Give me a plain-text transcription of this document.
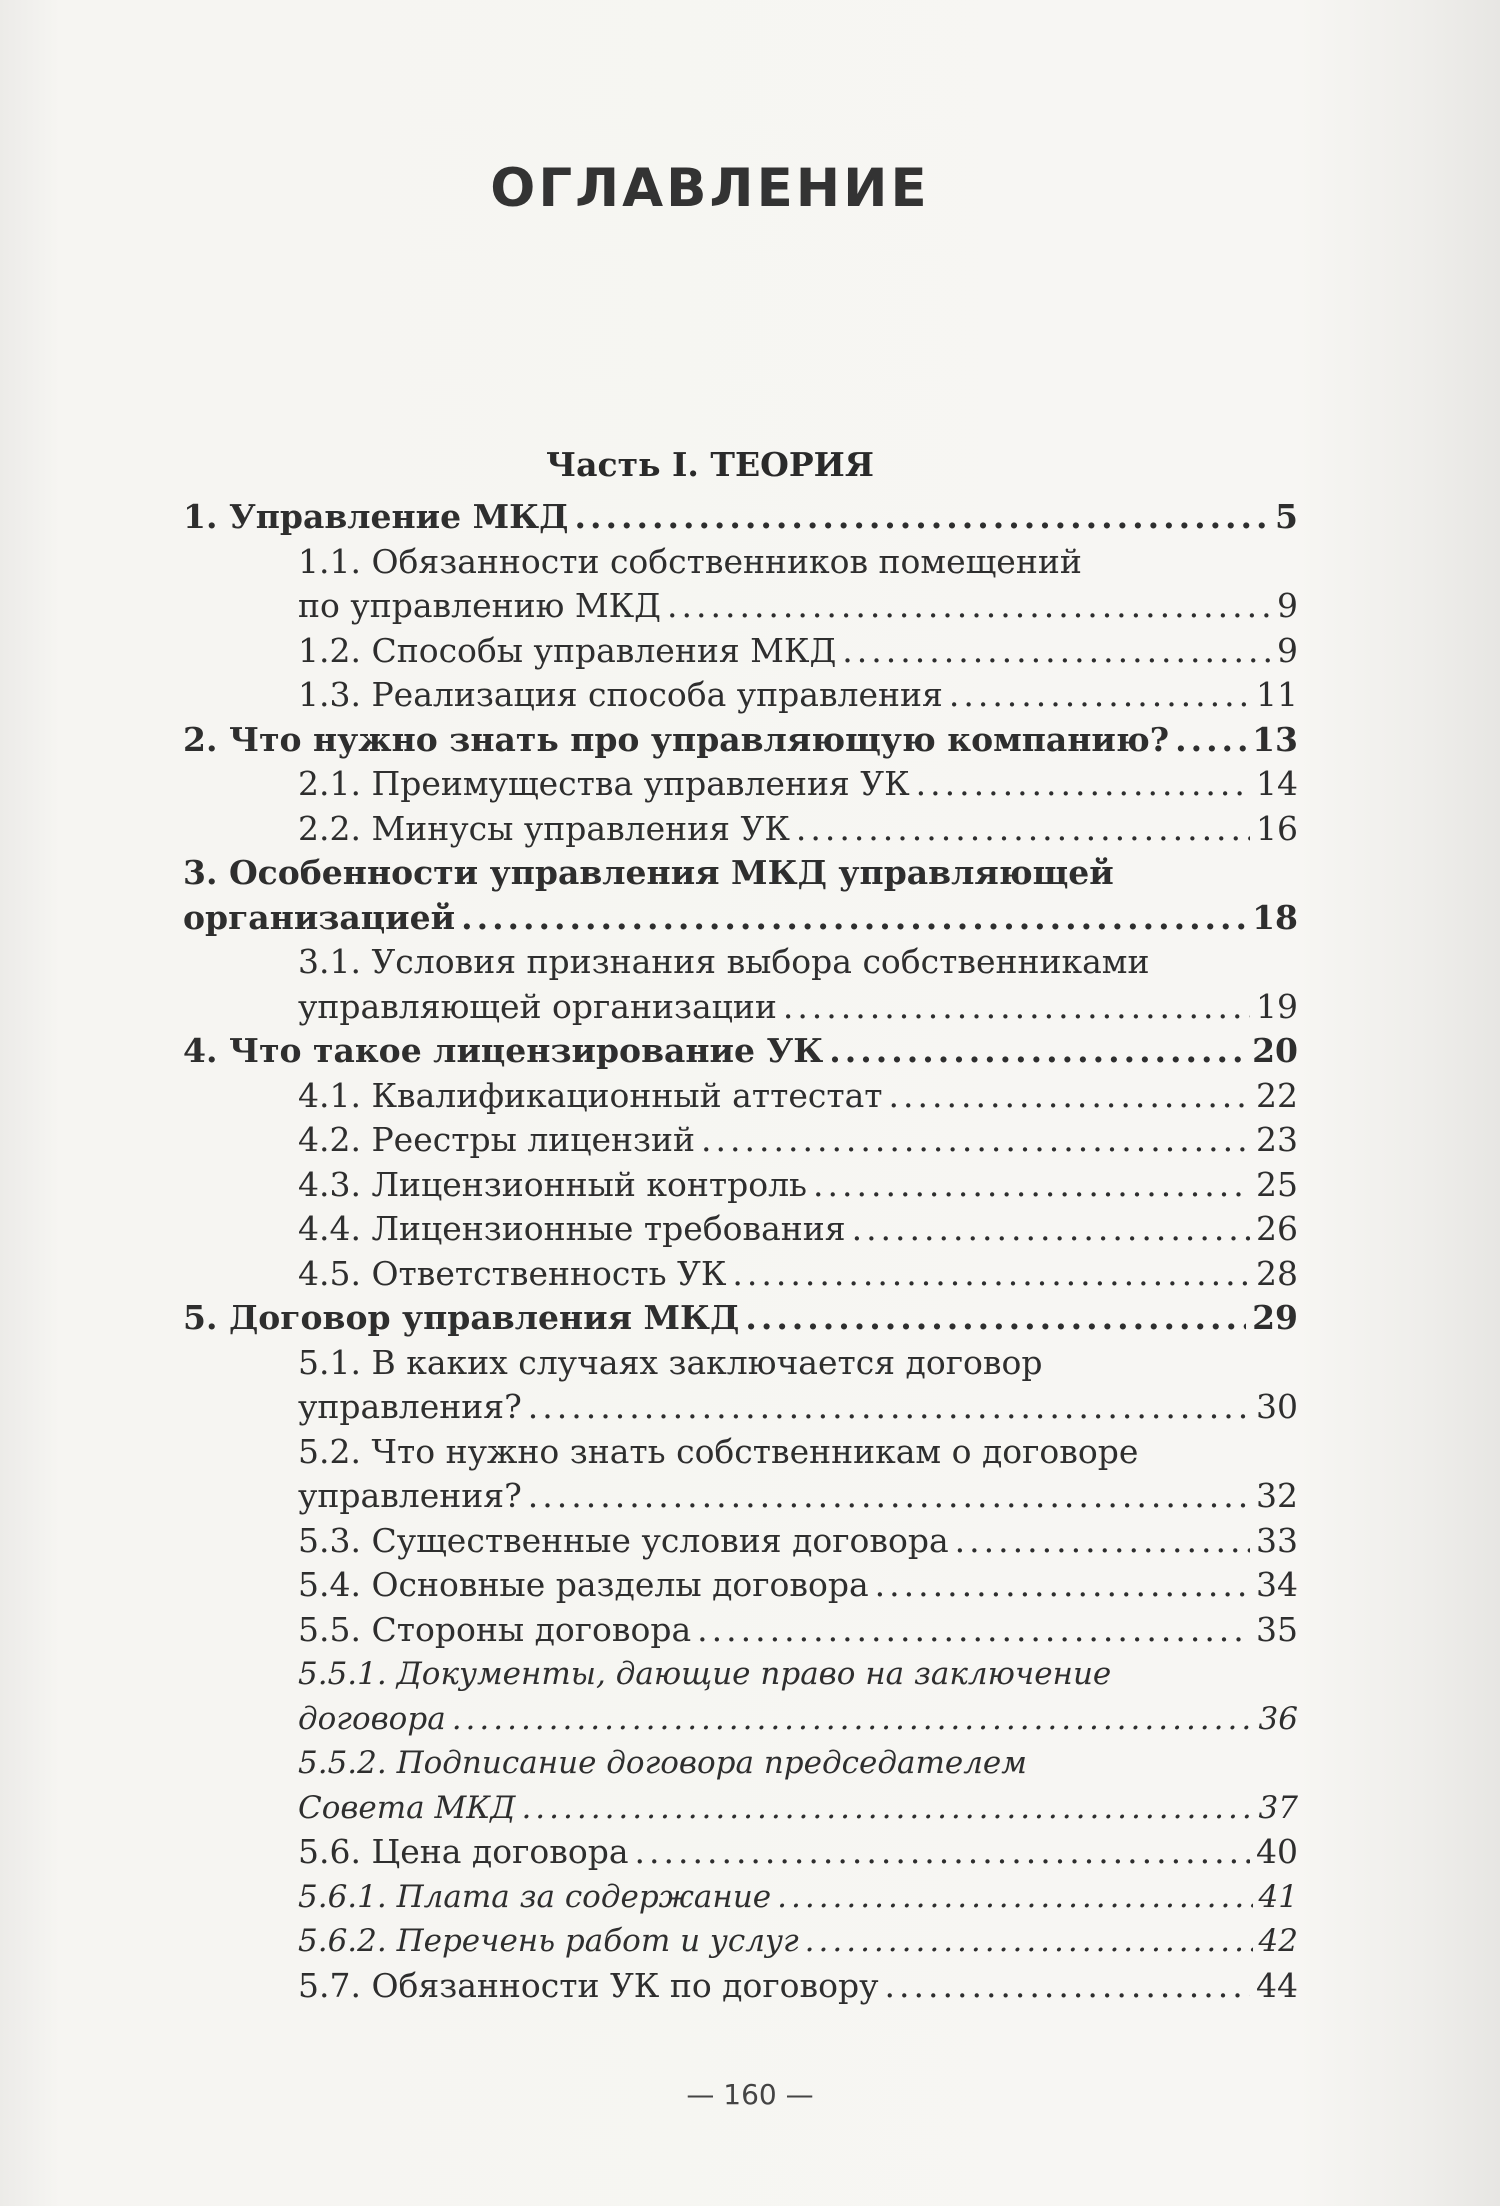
ОГЛАВЛЕНИЕ
Часть I. ТЕОРИЯ
1. Управление МКД .....	5
1.1. Обязанности собственников помещений
по управлению МКД .....	9
1.2. Способы управления МКД .....	9
1.3. Реализация способа управления .....	11
2. Что нужно знать про управляющую компанию? .....	13
2.1. Преимущества управления УК .....	14
2.2. Минусы управления УК .....	16
3. Особенности управления МКД управляющей
организацией .....	18
3.1. Условия признания выбора собственниками
управляющей организации .....	19
4. Что такое лицензирование УК .....	20
4.1. Квалификационный аттестат .....	22
4.2. Реестры лицензий .....	23
4.3. Лицензионный контроль .....	25
4.4. Лицензионные требования .....	26
4.5. Ответственность УК .....	28
5. Договор управления МКД .....	29
5.1. В каких случаях заключается договор
управления? .....	30
5.2. Что нужно знать собственникам о договоре
управления? .....	32
5.3. Существенные условия договора .....	33
5.4. Основные разделы договора .....	34
5.5. Стороны договора .....	35
5.5.1. Документы, дающие право на заключение
договора .....	36
5.5.2. Подписание договора председателем
Совета МКД .....	37
5.6. Цена договора .....	40
5.6.1. Плата за содержание .....	41
5.6.2. Перечень работ и услуг .....	42
5.7. Обязанности УК по договору .....	44
— 160 —
